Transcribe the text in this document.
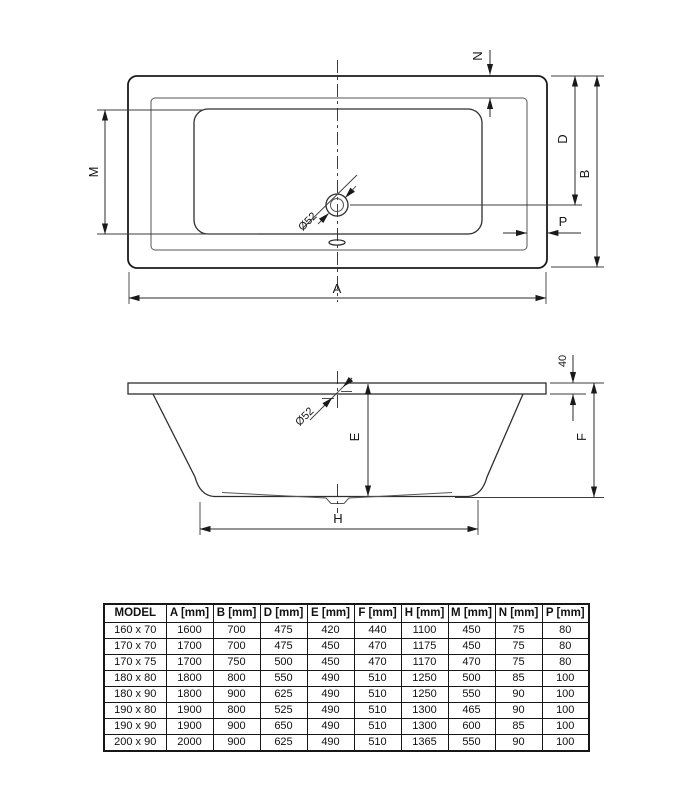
Ø52
M
N
D
B
P
A
Ø52
40
E	F
H
MODEL	A [mm]	B [mm]	D [mm]	E [mm]	F [mm]	H [mm]	M [mm]	N [mm]	P [mm]
160 x 70	1600	700	475	420	440	1100	450	75	80
170 x 70	1700	700	475	450	470	1175	450	75	80
170 x 75	1700	750	500	450	470	1170	470	75	80
180 x 80	1800	800	550	490	510	1250	500	85	100
180 x 90	1800	900	625	490	510	1250	550	90	100
190 x 80	1900	800	525	490	510	1300	465	90	100
190 x 90	1900	900	650	490	510	1300	600	85	100
200 x 90	2000	900	625	490	510	1365	550	90	100
